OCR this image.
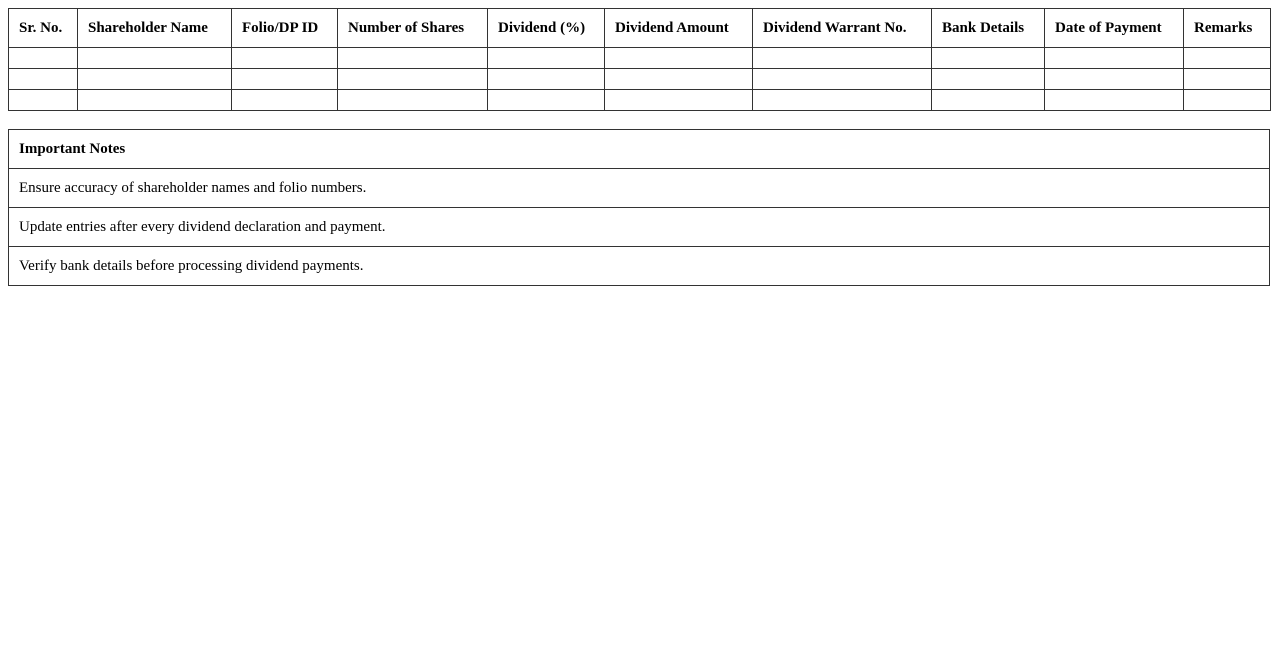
Sr. No.	Shareholder Name	Folio/DP ID	Number of Shares	Dividend (%)	Dividend Amount	Dividend Warrant No.	Bank Details	Date of Payment	Remarks

Important Notes
Ensure accuracy of shareholder names and folio numbers.
Update entries after every dividend declaration and payment.
Verify bank details before processing dividend payments.
